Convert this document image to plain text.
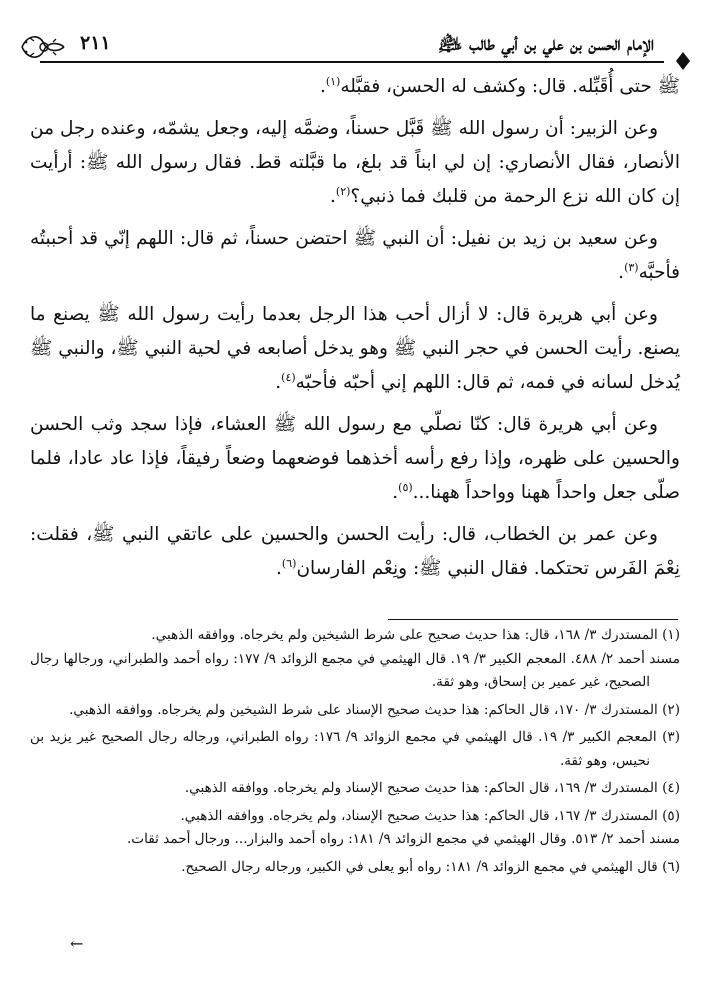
٢١١	الإمام الحسن بن علي بن أبي طالب ﵇

ﷺ حتى أُقَبِّله. قال: وكشف له الحسن، فقبَّله$^{(١)}$.

وعن الزبير: أن رسول الله ﷺ قَبَّل حسناً، وضمَّه إليه، وجعل يشمّه، وعنده رجل من الأنصار، فقال الأنصاري: إن لي ابناً قد بلغ، ما قبَّلته قط. فقال رسول الله ﷺ: أرأيت إن كان الله نزع الرحمة من قلبك فما ذنبي؟$^{(٢)}$.

وعن سعيد بن زيد بن نفيل: أن النبي ﷺ احتضن حسناً، ثم قال: اللهم إنّي قد أحببتُه فأحبَّه$^{(٣)}$.

وعن أبي هريرة قال: لا أزال أحب هذا الرجل بعدما رأيت رسول الله ﷺ يصنع ما يصنع. رأيت الحسن في حجر النبي ﷺ وهو يدخل أصابعه في لحية النبي ﷺ، والنبي ﷺ يُدخل لسانه في فمه، ثم قال: اللهم إني أحبّه فأحبّه$^{(٤)}$.

وعن أبي هريرة قال: كنّا نصلّي مع رسول الله ﷺ العشاء، فإذا سجد وثب الحسن والحسين على ظهره، وإذا رفع رأسه أخذهما فوضعهما وضعاً رفيقاً، فإذا عاد عادا، فلما صلّى جعل واحداً ههنا وواحداً ههنا...$^{(٥)}$.

وعن عمر بن الخطاب، قال: رأيت الحسن والحسين على عاتقي النبي ﷺ، فقلت: نِعْمَ الفَرس تحتكما. فقال النبي ﷺ: ونِعْم الفارسان$^{(٦)}$.

(١) المستدرك ٣/ ١٦٨، قال: هذا حديث صحيح على شرط الشيخين ولم يخرجاه. ووافقه الذهبي.
مسند أحمد ٢/ ٤٨٨. المعجم الكبير ٣/ ١٩. قال الهيثمي في مجمع الزوائد ٩/ ١٧٧: رواه أحمد والطبراني، ورجالها رجال الصحيح، غير عمير بن إسحاق، وهو ثقة.

(٢) المستدرك ٣/ ١٧٠، قال الحاكم: هذا حديث صحيح الإسناد على شرط الشيخين ولم يخرجاه. ووافقه الذهبي.

(٣) المعجم الكبير ٣/ ١٩. قال الهيثمي في مجمع الزوائد ٩/ ١٧٦: رواه الطبراني، ورجاله رجال الصحيح غير يزيد بن نحيس، وهو ثقة.

(٤) المستدرك ٣/ ١٦٩، قال الحاكم: هذا حديث صحيح الإسناد ولم يخرجاه. ووافقه الذهبي.

(٥) المستدرك ٣/ ١٦٧، قال الحاكم: هذا حديث صحيح الإسناد، ولم يخرجاه. ووافقه الذهبي.
مسند أحمد ٢/ ٥١٣. وقال الهيثمي في مجمع الزوائد ٩/ ١٨١: رواه أحمد والبزار... ورجال أحمد ثقات.

(٦) قال الهيثمي في مجمع الزوائد ٩/ ١٨١: رواه أبو يعلى في الكبير، ورجاله رجال الصحيح.

←
